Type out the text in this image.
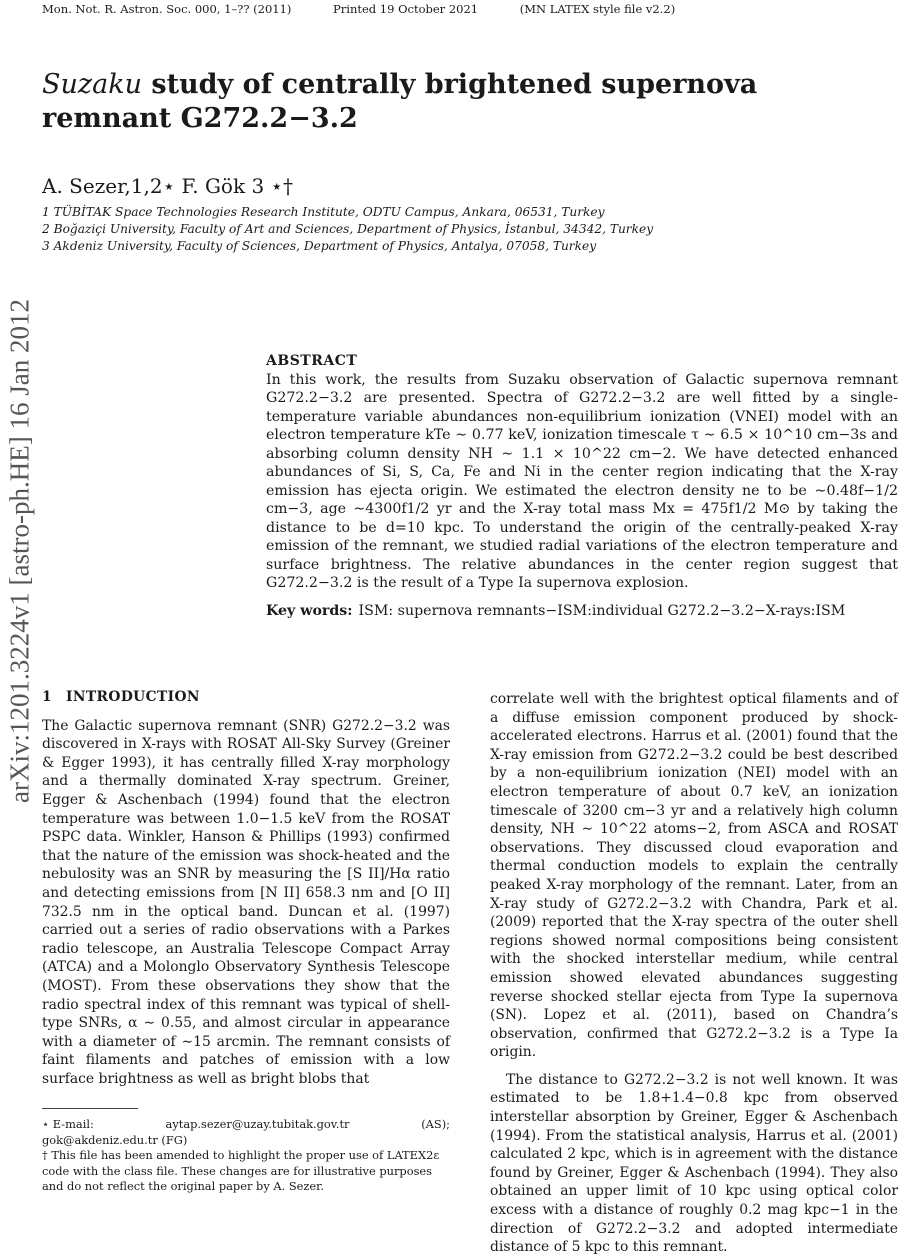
Mon. Not. R. Astron. Soc. 000, 1–?? (2011)	Printed 19 October 2021	(MN LATEX style file v2.2)
Suzaku study of centrally brightened supernova remnant G272.2−3.2
A. Sezer,1,2⋆ F. Gök 3 ⋆†
1 TÜBİTAK Space Technologies Research Institute, ODTU Campus, Ankara, 06531, Turkey
2 Boğaziçi University, Faculty of Art and Sciences, Department of Physics, İstanbul, 34342, Turkey
3 Akdeniz University, Faculty of Sciences, Department of Physics, Antalya, 07058, Turkey
arXiv:1201.3224v1 [astro-ph.HE] 16 Jan 2012	ABSTRACT

In this work, the results from Suzaku observation of Galactic supernova remnant G272.2−3.2 are presented. Spectra of G272.2−3.2 are well fitted by a single-temperature variable abundances non-equilibrium ionization (VNEI) model with an electron temperature kTe ∼ 0.77 keV, ionization timescale τ ∼ 6.5 × 10^10 cm−3s and absorbing column density NH ∼ 1.1 × 10^22 cm−2. We have detected enhanced abundances of Si, S, Ca, Fe and Ni in the center region indicating that the X-ray emission has ejecta origin. We estimated the electron density ne to be ∼0.48f−1/2 cm−3, age ∼4300f1/2 yr and the X-ray total mass Mx = 475f1/2 M⊙ by taking the distance to be d=10 kpc. To understand the origin of the centrally-peaked X-ray emission of the remnant, we studied radial variations of the electron temperature and surface brightness. The relative abundances in the center region suggest that G272.2−3.2 is the result of a Type Ia supernova explosion.

Key words: ISM: supernova remnants−ISM:individual G272.2−3.2−X-rays:ISM
1 INTRODUCTION

The Galactic supernova remnant (SNR) G272.2−3.2 was discovered in X-rays with ROSAT All-Sky Survey (Greiner & Egger 1993), it has centrally filled X-ray morphology and a thermally dominated X-ray spectrum. Greiner, Egger & Aschenbach (1994) found that the electron temperature was between 1.0−1.5 keV from the ROSAT PSPC data. Winkler, Hanson & Phillips (1993) confirmed that the nature of the emission was shock-heated and the nebulosity was an SNR by measuring the [S II]/Hα ratio and detecting emissions from [N II] 658.3 nm and [O II] 732.5 nm in the optical band. Duncan et al. (1997) carried out a series of radio observations with a Parkes radio telescope, an Australia Telescope Compact Array (ATCA) and a Molonglo Observatory Synthesis Telescope (MOST). From these observations they show that the radio spectral index of this remnant was typical of shell-type SNRs, α ∼ 0.55, and almost circular in appearance with a diameter of ∼15 arcmin. The remnant consists of faint filaments and patches of emission with a low surface brightness as well as bright blobs that

correlate well with the brightest optical filaments and of a diffuse emission component produced by shock-accelerated electrons. Harrus et al. (2001) found that the X-ray emission from G272.2−3.2 could be best described by a non-equilibrium ionization (NEI) model with an electron temperature of about 0.7 keV, an ionization timescale of 3200 cm−3 yr and a relatively high column density, NH ∼ 10^22 atoms−2, from ASCA and ROSAT observations. They discussed cloud evaporation and thermal conduction models to explain the centrally peaked X-ray morphology of the remnant. Later, from an X-ray study of G272.2−3.2 with Chandra, Park et al. (2009) reported that the X-ray spectra of the outer shell regions showed normal compositions being consistent with the shocked interstellar medium, while central emission showed elevated abundances suggesting reverse shocked stellar ejecta from Type Ia supernova (SN). Lopez et al. (2011), based on Chandra’s observation, confirmed that G272.2−3.2 is a Type Ia origin.

The distance to G272.2−3.2 is not well known. It was estimated to be 1.8+1.4−0.8 kpc from observed interstellar absorption by Greiner, Egger & Aschenbach (1994). From the statistical analysis, Harrus et al. (2001) calculated 2 kpc, which is in agreement with the distance found by Greiner, Egger & Aschenbach (1994). They also obtained an upper limit of 10 kpc using optical color excess with a distance of roughly 0.2 mag kpc−1 in the direction of G272.2−3.2 and adopted intermediate distance of 5 kpc to this remnant.

⋆ E-mail:	aytap.sezer@uzay.tubitak.gov.tr	(AS);

gok@akdeniz.edu.tr (FG)

† This file has been amended to highlight the proper use of LATEX2ε code with the class file. These changes are for illustrative purposes and do not reflect the original paper by A. Sezer.
